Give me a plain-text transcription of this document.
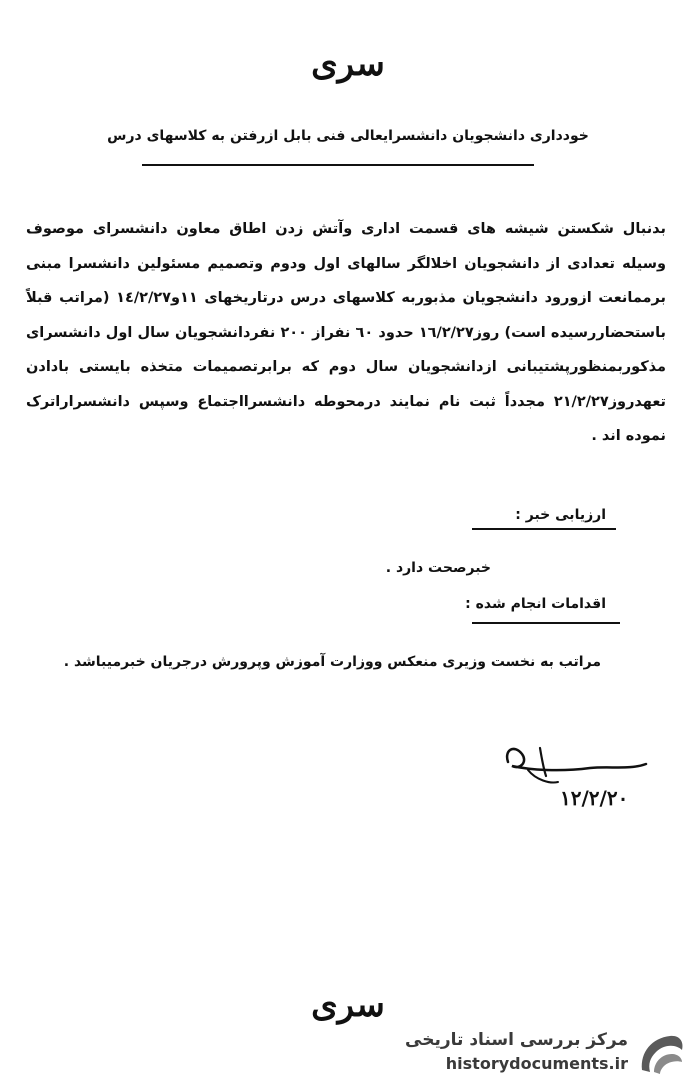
سری
خودداری دانشجویان دانشسرایعالی فنی بابل ازرفتن به کلاسهای درس
بدنبال شکستن شیشه های قسمت اداری وآتش زدن اطاق معاون دانشسرای موصوف وسیله تعدادی از دانشجویان اخلالگر سالهای اول ودوم وتصمیم مسئولین دانشسرا مبنی برممانعت ازورود دانشجویان مذبوربه کلاسهای درس درتاریخهای ١١و١٤/٢/٢٧ (مراتب قبلاً باستحضاررسیده است) روز١٦/٢/٢٧ حدود ٦٠ نفراز ٢٠٠ نفردانشجویان سال اول دانشسرای مذکوربمنظورپشتیبانی ازدانشجویان سال دوم که برابرتصمیمات متخذه بایستی بادادن تعهدروز٢١/٢/٢٧ مجدداً ثبت نام نمایند درمحوطه دانشسرااجتماع وسپس دانشسراراترک نموده اند .
ارزیابی خبر :
خبرصحت دارد .
اقدامات انجام شده :
مراتب به نخست وزیری منعکس ووزارت آموزش وپرورش درجریان خبرمیباشد .
١٢/٢/٢٠
سری
مرکز بررسی اسناد تاریخی
historydocuments.ir
